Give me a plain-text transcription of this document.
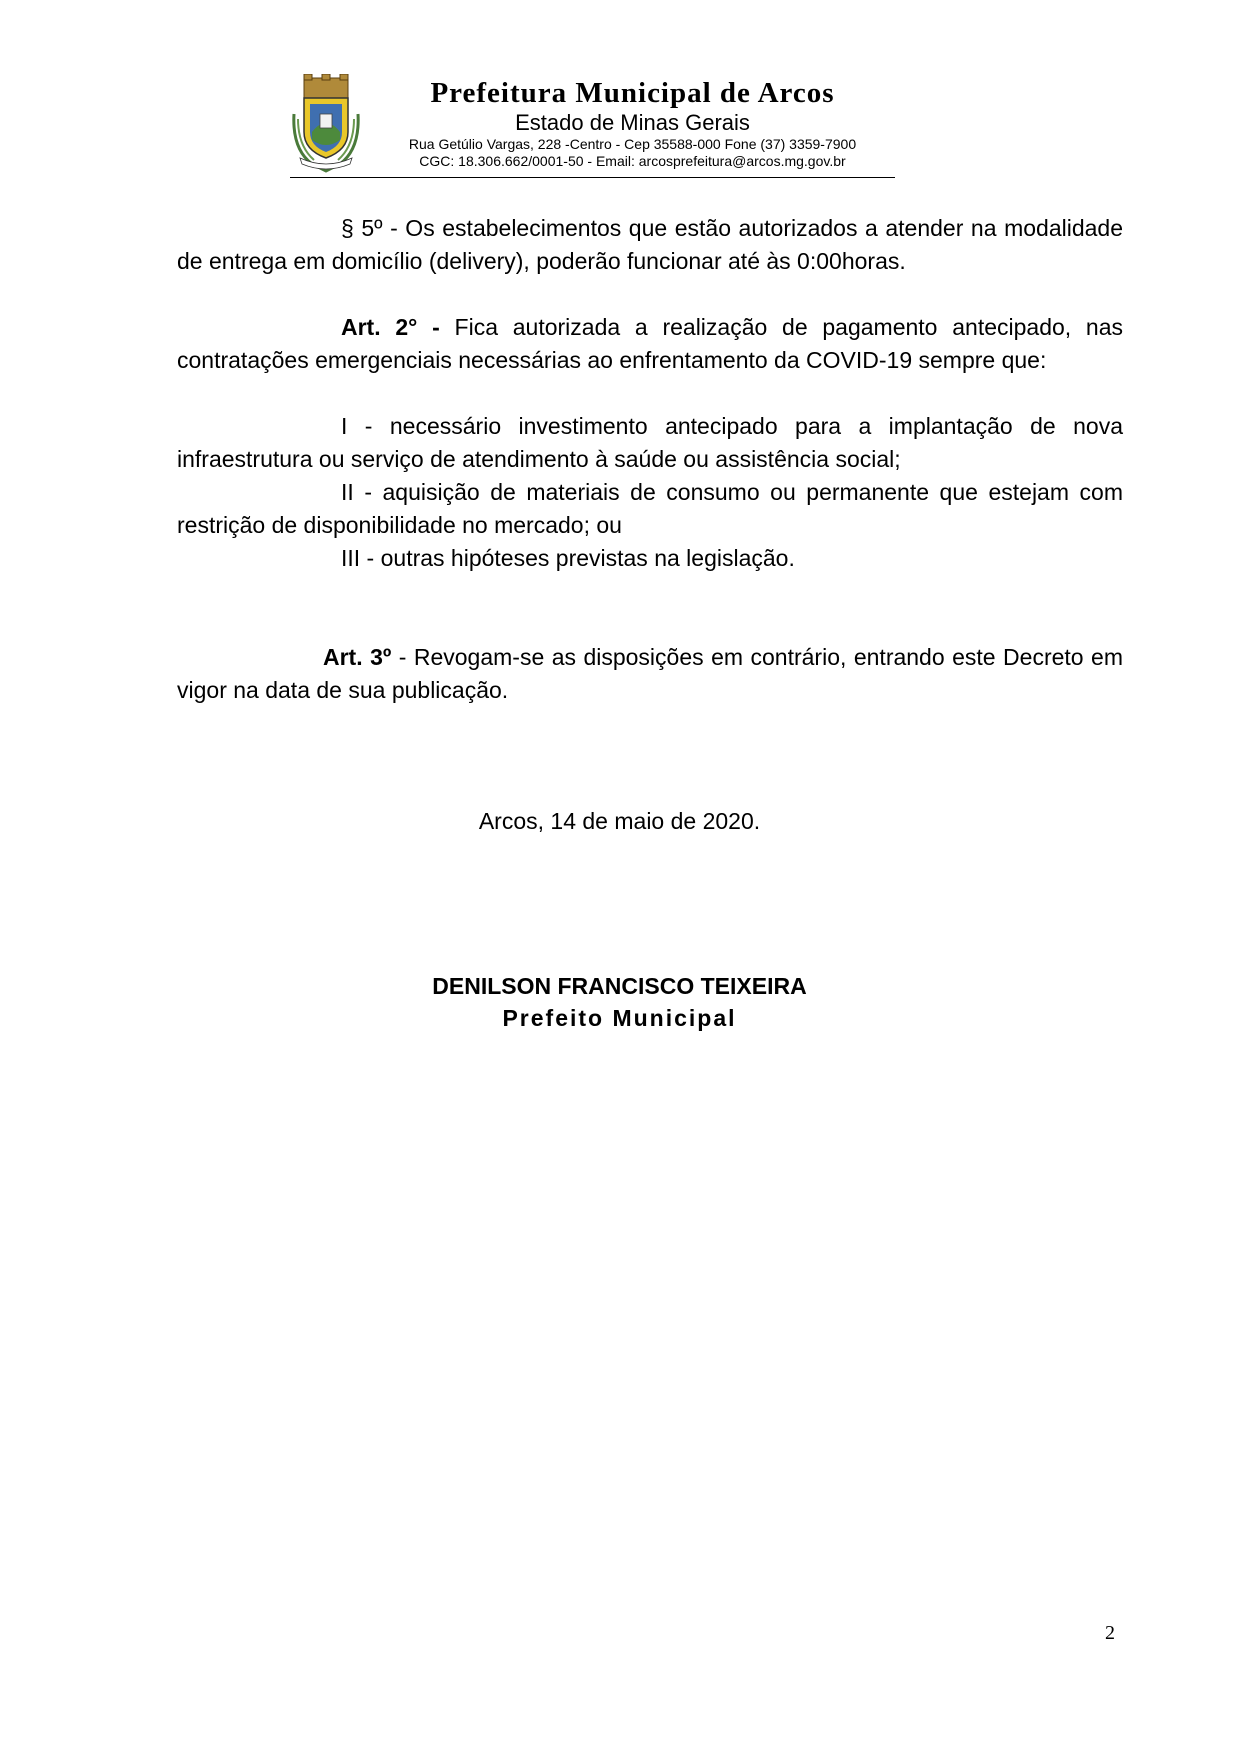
Prefeitura Municipal de Arcos
Estado de Minas Gerais
Rua Getúlio Vargas, 228 -Centro - Cep 35588-000 Fone (37) 3359-7900
CGC: 18.306.662/0001-50 - Email: arcosprefeitura@arcos.mg.gov.br
§ 5º - Os estabelecimentos que estão autorizados a atender na modalidade de entrega em domicílio (delivery), poderão funcionar até às 0:00horas.
Art. 2° - Fica autorizada a realização de pagamento antecipado, nas contratações emergenciais necessárias ao enfrentamento da COVID-19 sempre que:
I - necessário investimento antecipado para a implantação de nova infraestrutura ou serviço de atendimento à saúde ou assistência social;
II - aquisição de materiais de consumo ou permanente que estejam com restrição de disponibilidade no mercado; ou
III - outras hipóteses previstas na legislação.
Art. 3º - Revogam-se as disposições em contrário, entrando este Decreto em vigor na data de sua publicação.
Arcos, 14 de maio de 2020.
DENILSON FRANCISCO TEIXEIRA
Prefeito Municipal
2
